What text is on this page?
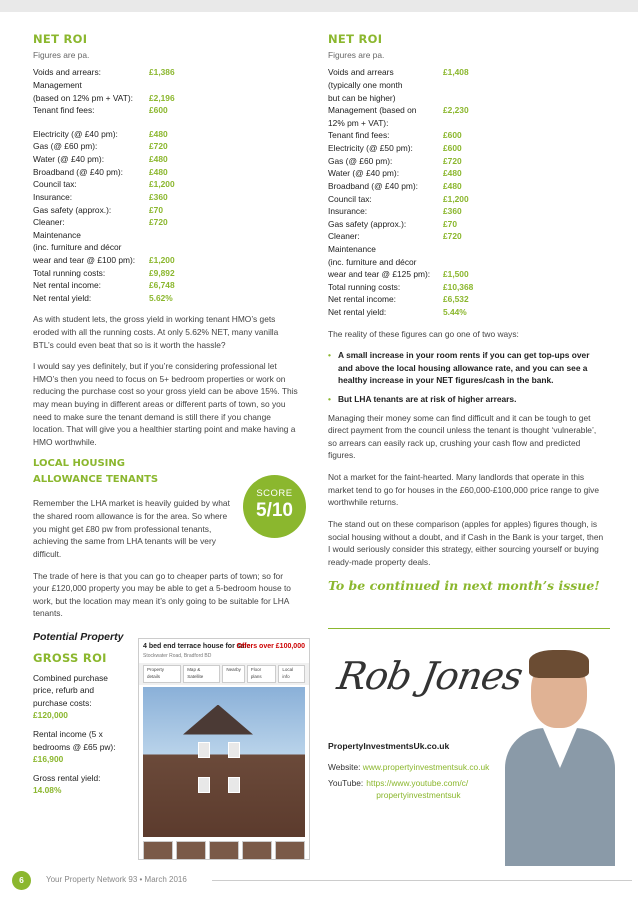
NET ROI
Figures are pa.
Voids and arrears:	£1,386
Management
(based on 12% pm + VAT):	£2,196
Tenant find fees:	£600
Electricity (@ £40 pm):	£480
Gas (@ £60 pm):	£720
Water (@ £40 pm):	£480
Broadband (@ £40 pm):	£480
Council tax:	£1,200
Insurance:	£360
Gas safety (approx.):	£70
Cleaner:	£720
Maintenance
(inc. furniture and décor
wear and tear @ £100 pm):	£1,200
Total running costs:	£9,892
Net rental income:	£6,748
Net rental yield:	5.62%

As with student lets, the gross yield in working tenant HMO’s gets eroded with all the running costs. At only 5.62% NET, many vanilla BTL’s could even beat that so is it worth the hassle?

I would say yes definitely, but if you’re considering professional let HMO’s then you need to focus on 5+ bedroom properties or work on reducing the purchase cost so your gross yield can be above 15%. This may mean buying in different areas or different parts of town, so you need to make sure the tenant demand is still there if you change location. That will give you a healthier starting point and make having a HMO worthwhile.

LOCAL HOUSING
ALLOWANCE TENANTS

Remember the LHA market is heavily guided by what the shared room allowance is for the area. So where you might get £80 pw from professional tenants, achieving the same from LHA tenants will be very difficult.

The trade of here is that you can go to cheaper parts of town; so for your £120,000 property you may be able to get a 5-bedroom house to work, but the location may mean it’s only going to be suitable for LHA tenants.

Potential Property
GROSS ROI
Combined purchase price, refurb and purchase costs: £120,000
Rental income (5 x bedrooms @ £65 pw): £16,900
Gross rental yield: 14.08%
SCORE
5/10
4 bed end terrace house for sale
Stockwater Road, Bradford BD
Offers over £100,000
Property details
Map & Satellite
Nearby	Floor plans
Local info
NET ROI
Figures are pa.
Voids and arrears	£1,408
(typically one month
but can be higher)
Management (based on	£2,230
12% pm + VAT):
Tenant find fees:	£600
Electricity (@ £50 pm):	£600
Gas (@ £60 pm):	£720
Water (@ £40 pm):	£480
Broadband (@ £40 pm):	£480
Council tax:	£1,200
Insurance:	£360
Gas safety (approx.):	£70
Cleaner:	£720
Maintenance
(inc. furniture and décor
wear and tear @ £125 pm):	£1,500
Total running costs:	£10,368
Net rental income:	£6,532
Net rental yield:	5.44%

The reality of these figures can go one of two ways:

• A small increase in your room rents if you can get top-ups over and above the local housing allowance rate, and you can see a healthy increase in your NET figures/cash in the bank.
• But LHA tenants are at risk of higher arrears.

Managing their money some can find difficult and it can be tough to get direct payment from the council unless the tenant is thought ‘vulnerable’, so arrears can easily rack up, crushing your cash flow and predicted figures.

Not a market for the faint-hearted. Many landlords that operate in this market tend to go for houses in the £60,000-£100,000 price range to give worthwhile returns.

The stand out on these comparison (apples for apples) figures though, is social housing without a doubt, and if Cash in the Bank is your target, then I would seriously consider this strategy, either sourcing yourself or buying ready-made property deals.

To be continued in next month’s issue!
Rob Jones
PropertyInvestmentsUk.co.uk
Website: www.propertyinvestmentsuk.co.uk
YouTube: https://www.youtube.com/c/
propertyinvestmentsuk
6	Your Property Network 93 • March 2016
